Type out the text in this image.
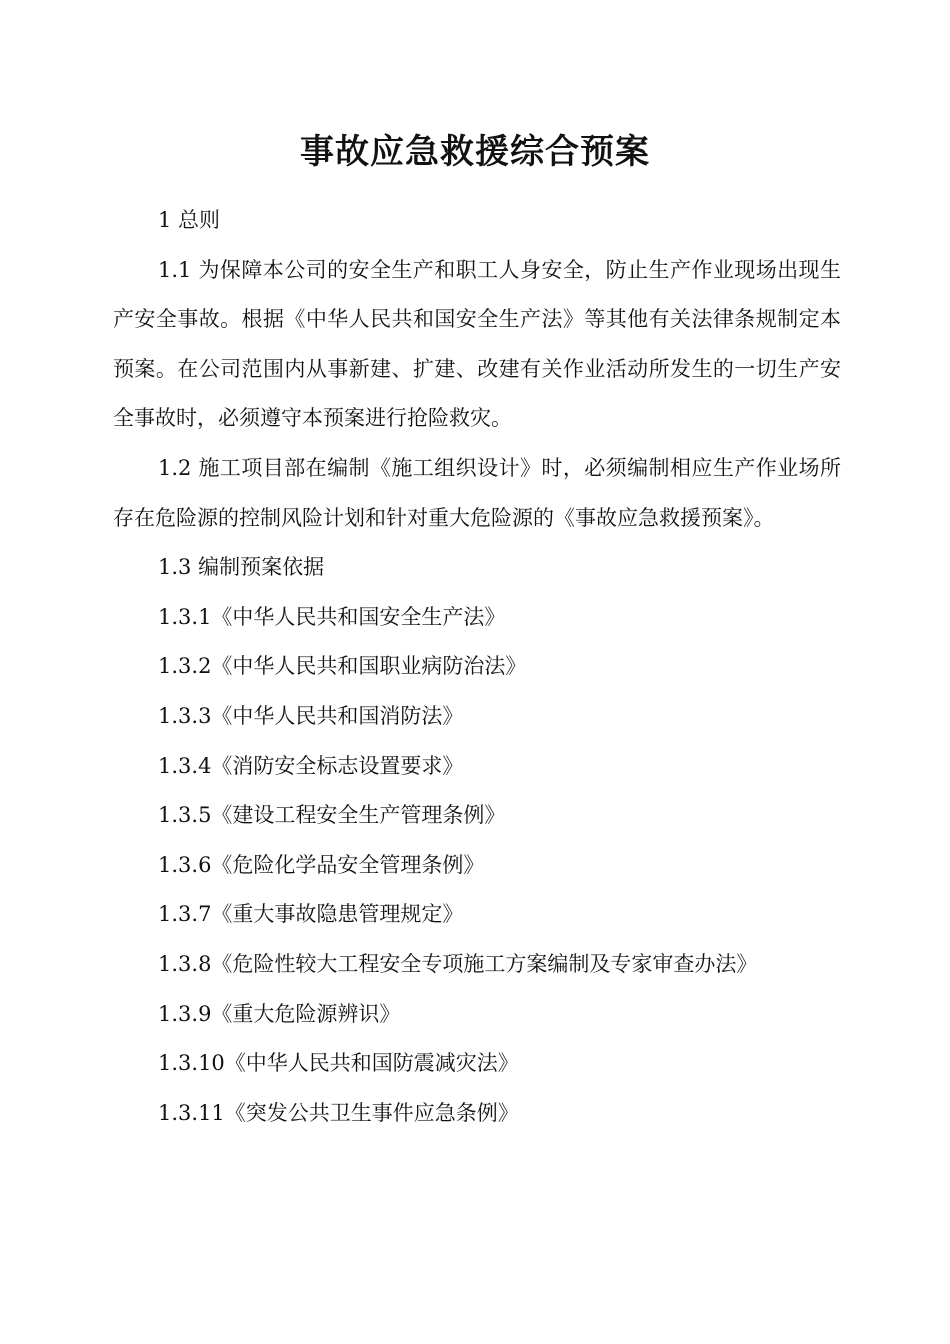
事故应急救援综合预案

1 总则

1.1 为保障本公司的安全生产和职工人身安全，防止生产作业现场出现生产安全事故。根据《中华人民共和国安全生产法》等其他有关法律条规制定本预案。在公司范围内从事新建、扩建、改建有关作业活动所发生的一切生产安全事故时，必须遵守本预案进行抢险救灾。

1.2 施工项目部在编制《施工组织设计》时，必须编制相应生产作业场所存在危险源的控制风险计划和针对重大危险源的《事故应急救援预案》。

1.3 编制预案依据

1.3.1《中华人民共和国安全生产法》

1.3.2《中华人民共和国职业病防治法》

1.3.3《中华人民共和国消防法》

1.3.4《消防安全标志设置要求》

1.3.5《建设工程安全生产管理条例》

1.3.6《危险化学品安全管理条例》

1.3.7《重大事故隐患管理规定》

1.3.8《危险性较大工程安全专项施工方案编制及专家审查办法》

1.3.9《重大危险源辨识》

1.3.10《中华人民共和国防震减灾法》

1.3.11《突发公共卫生事件应急条例》
